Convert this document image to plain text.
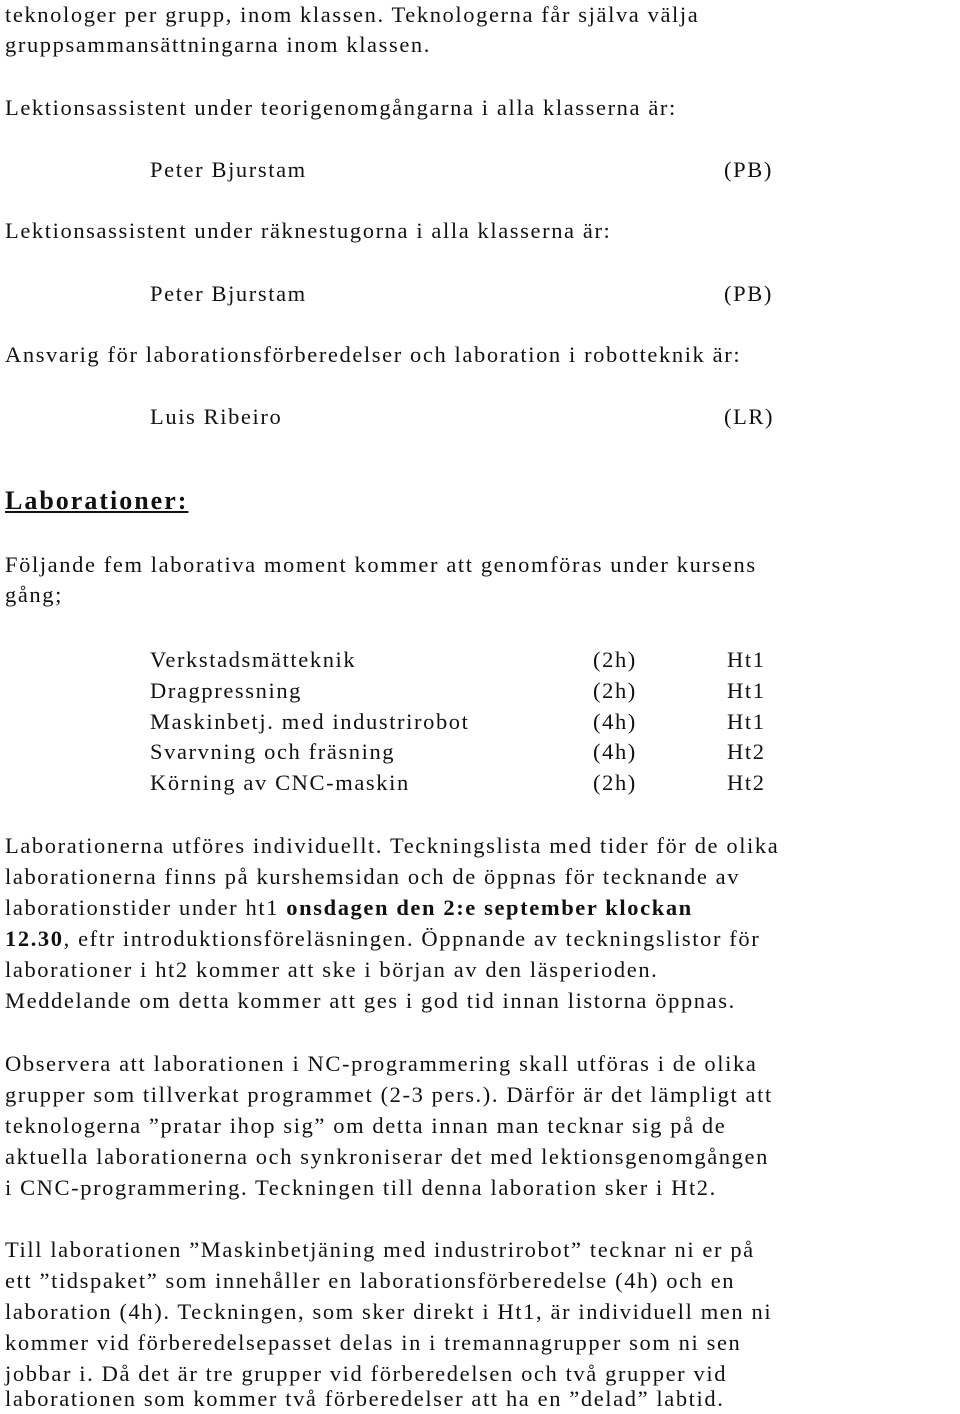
teknologer per grupp, inom klassen. Teknologerna får själva välja
gruppsammansättningarna inom klassen.
Lektionsassistent under teorigenomgångarna i alla klasserna är:
Peter Bjurstam	(PB)
Lektionsassistent under räknestugorna i alla klasserna är:
Peter Bjurstam	(PB)
Ansvarig för laborationsförberedelser och laboration i robotteknik är:
Luis Ribeiro	(LR)
Laborationer:
Följande fem laborativa moment kommer att genomföras under kursens
gång;
Verkstadsmätteknik	(2h)	Ht1
Dragpressning	(2h)	Ht1
Maskinbetj. med industrirobot	(4h)	Ht1
Svarvning och fräsning	(4h)	Ht2
Körning av CNC-maskin	(2h)	Ht2
Laborationerna utföres individuellt. Teckningslista med tider för de olika
laborationerna finns på kurshemsidan och de öppnas för tecknande av
laborationstider under ht1 onsdagen den 2:e september klockan
12.30, eftr introduktionsföreläsningen. Öppnande av teckningslistor för
laborationer i ht2 kommer att ske i början av den läsperioden.
Meddelande om detta kommer att ges i god tid innan listorna öppnas.
Observera att laborationen i NC-programmering skall utföras i de olika
grupper som tillverkat programmet (2-3 pers.). Därför är det lämpligt att
teknologerna ”pratar ihop sig” om detta innan man tecknar sig på de
aktuella laborationerna och synkroniserar det med lektionsgenomgången
i CNC-programmering. Teckningen till denna laboration sker i Ht2.
Till laborationen ”Maskinbetjäning med industrirobot” tecknar ni er på
ett ”tidspaket” som innehåller en laborationsförberedelse (4h) och en
laboration (4h). Teckningen, som sker direkt i Ht1, är individuell men ni
kommer vid förberedelsepasset delas in i tremannagrupper som ni sen
jobbar i. Då det är tre grupper vid förberedelsen och två grupper vid
laborationen som kommer två förberedelser att ha en ”delad” labtid.
